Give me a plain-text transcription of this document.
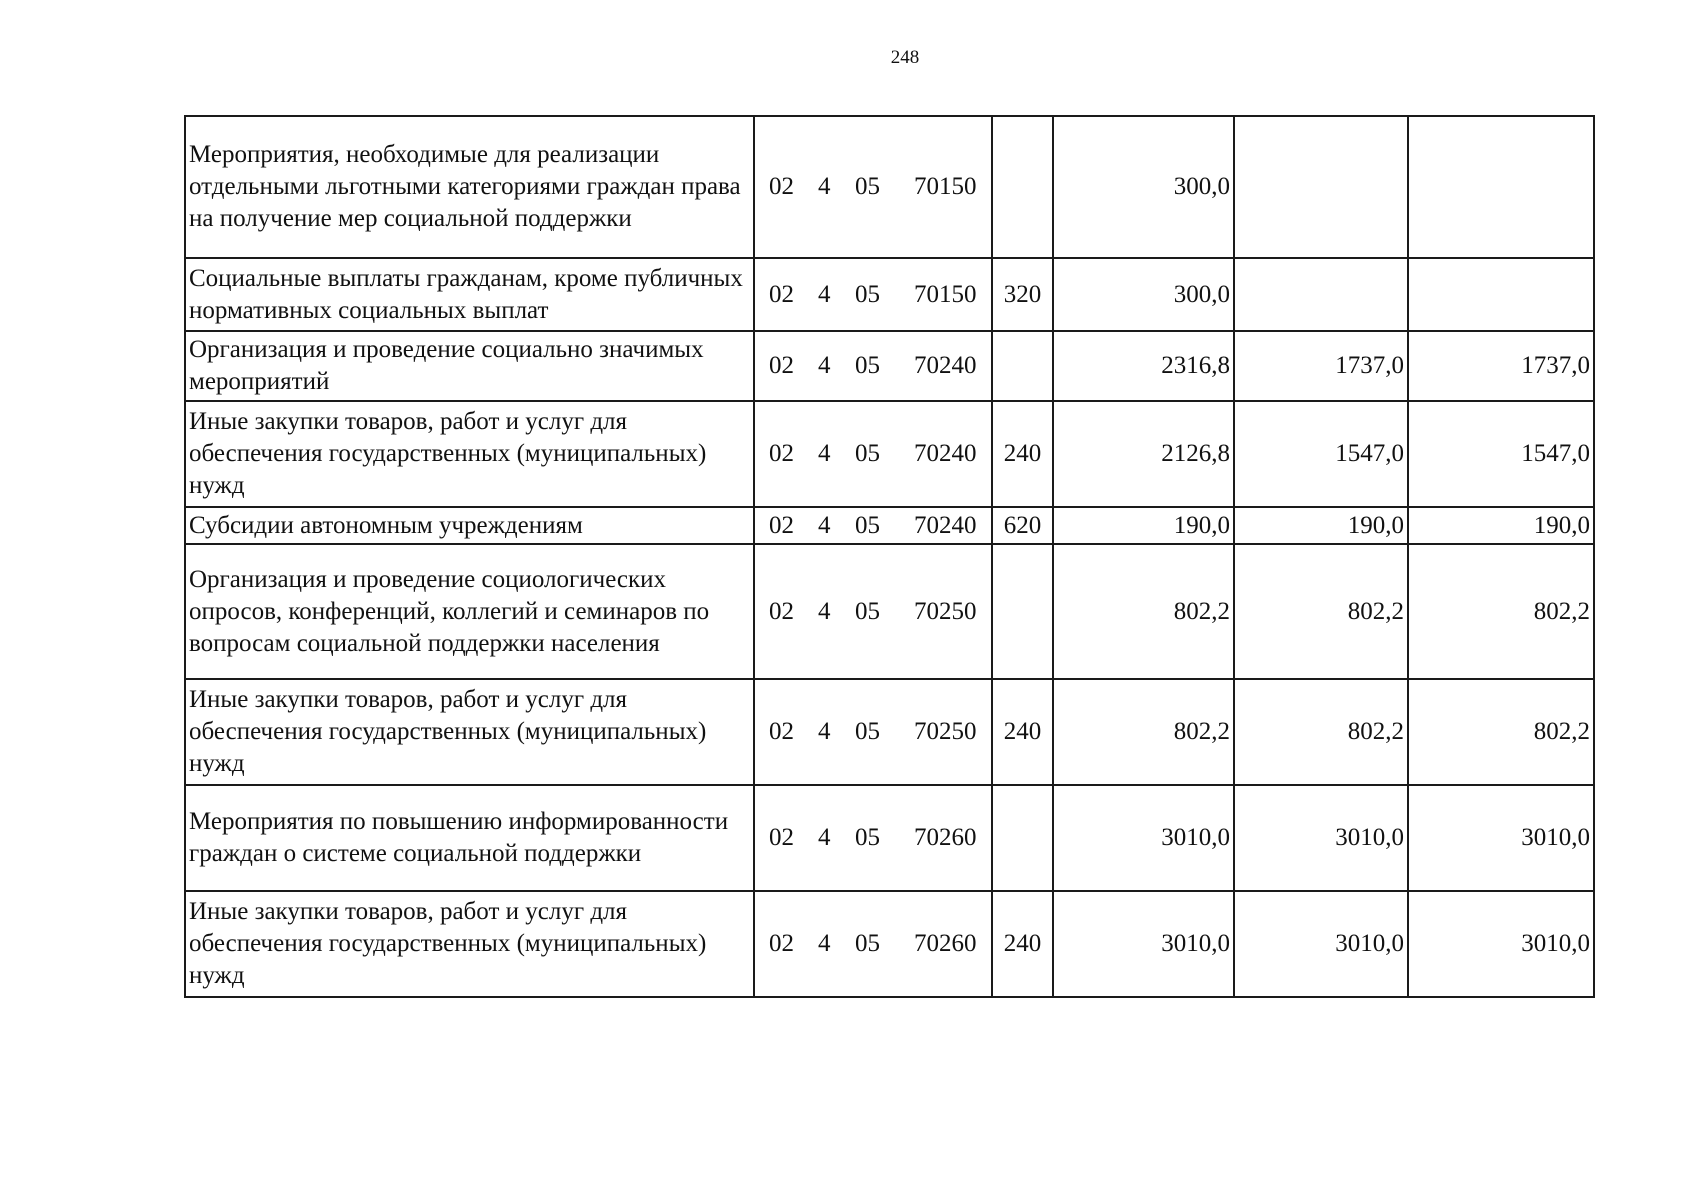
248
Мероприятия, необходимые для реализации отдельными льготными категориями граждан права на получение мер социальной поддержки	02 4 05 70150		300,0		
Социальные выплаты гражданам, кроме публичных нормативных социальных выплат	02 4 05 70150	320	300,0		
Организация и проведение социально значимых мероприятий	02 4 05 70240		2316,8	1737,0	1737,0
Иные закупки товаров, работ и услуг для обеспечения государственных (муниципальных) нужд	02 4 05 70240	240	2126,8	1547,0	1547,0
Субсидии автономным учреждениям	02 4 05 70240	620	190,0	190,0	190,0
Организация и проведение социологических опросов, конференций, коллегий и семинаров по вопросам социальной поддержки населения	02 4 05 70250		802,2	802,2	802,2
Иные закупки товаров, работ и услуг для обеспечения государственных (муниципальных) нужд	02 4 05 70250	240	802,2	802,2	802,2
Мероприятия по повышению информированности граждан о системе социальной поддержки	02 4 05 70260		3010,0	3010,0	3010,0
Иные закупки товаров, работ и услуг для обеспечения государственных (муниципальных) нужд	02 4 05 70260	240	3010,0	3010,0	3010,0
